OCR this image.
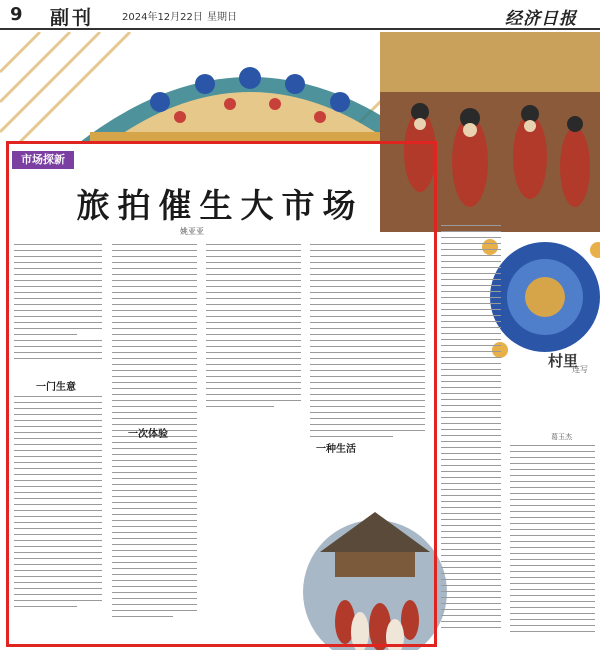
9 副刊	2024年12月22日 星期日	经济日报
市场探新
旅拍催生大市场
姚亚亚
一门生意
一次体验
一种生活
村里
连写
葛玉杰
